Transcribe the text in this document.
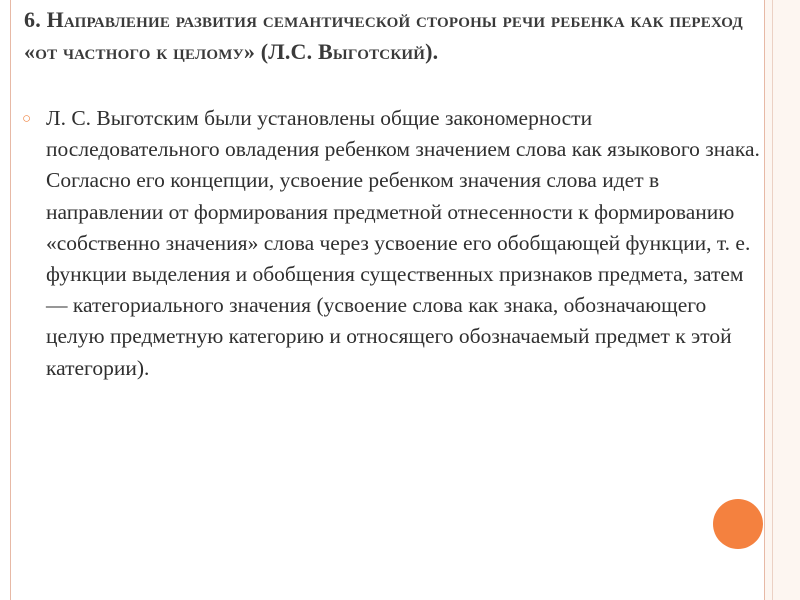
6. Направление развития семантической стороны речи ребенка как переход «от частного к целому» (Л.С. Выготский).
○ Л. С. Выготским были установлены общие закономерности последовательного овладения ребенком значением слова как языкового знака. Согласно его концепции, усвоение ребенком значения слова идет в направлении от формирования предметной отнесенности к формированию «собственно значения» слова через усвоение его обобщающей функции, т. е. функции выделения и обобщения существенных признаков предмета, затем — категориального значения (усвоение слова как знака, обозначающего целую предметную категорию и относящего обозначаемый предмет к этой категории).
